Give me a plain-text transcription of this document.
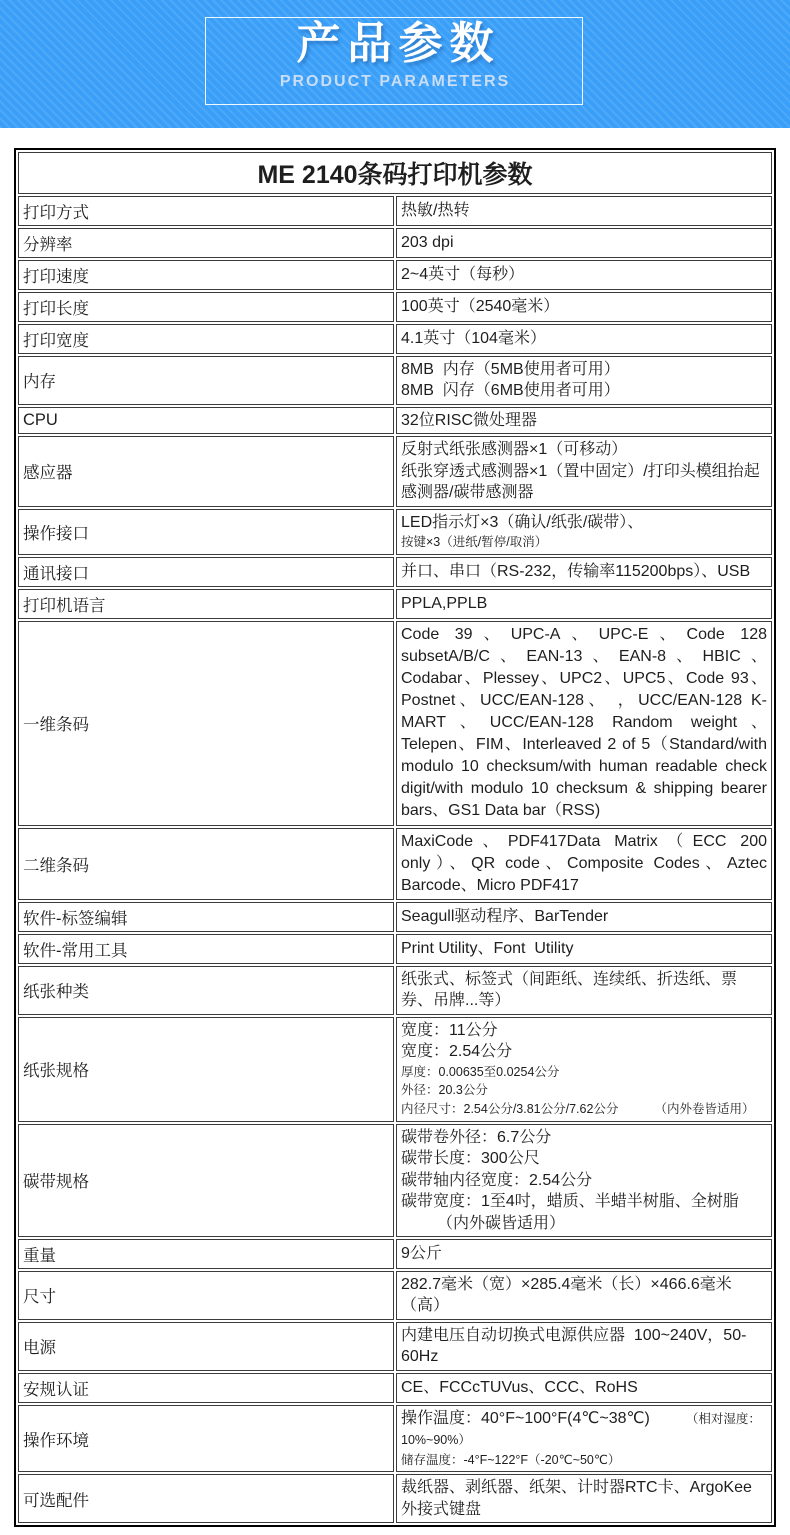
产品参数
PRODUCT PARAMETERS
ME 2140条码打印机参数	
打印方式	热敏/热转

分辨率	203 dpi

打印速度	2~4英寸（每秒）

打印长度	100英寸（2540毫米）

打印宽度	4.1英寸（104毫米）

内存	8MB  内存（5MB使用者可用）
8MB  闪存（6MB使用者可用）

CPU	32位RISC微处理器

感应器	反射式纸张感测器×1（可移动）
纸张穿透式感测器×1（置中固定）/打印头模组抬起感测器/碳带感测器

操作接口	LED指示灯×3（确认/纸张/碳带）、
按键×3（进纸/暂停/取消）

通讯接口	并口、串口（RS-232，传输率115200bps）、USB

打印机语言	PPLA,PPLB

一维条码	Code 39、UPC-A、UPC-E、Code 128 subsetA/B/C、EAN-13、EAN-8、HBIC、Codabar、Plessey、UPC2、UPC5、Code 93、Postnet、UCC/EAN-128、 ，UCC/EAN-128 K-MART、UCC/EAN-128 Random weight、Telepen、FIM、Interleaved 2 of 5（Standard/with modulo 10 checksum/with human readable check digit/with modulo 10 checksum & shipping bearer bars、GS1 Data bar（RSS)

二维条码	MaxiCode、PDF417Data Matrix（ECC 200 only）、QR code、Composite Codes、Aztec Barcode、Micro PDF417

软件-标签编辑	Seagull驱动程序、BarTender

软件-常用工具	Print Utility、Font  Utility

纸张种类	纸张式、标签式（间距纸、连续纸、折迭纸、票券、吊牌...等）

纸张规格	宽度：11公分
宽度：2.54公分
厚度：0.00635至0.0254公分
外径：20.3公分
内径尺寸：2.54公分/3.81公分/7.62公分 （内外卷皆适用）

碳带规格	碳带卷外径：6.7公分
碳带长度：300公尺
碳带轴内径宽度：2.54公分
碳带宽度：1至4吋，蜡质、半蜡半树脂、全树脂（内外碳皆适用）

重量	9公斤

尺寸	282.7毫米（宽）×285.4毫米（长）×466.6毫米（高）

电源	内建电压自动切换式电源供应器  100~240V，50-60Hz

安规认证	CE、FCCcTUVus、CCC、RoHS

操作环境	操作温度：40°F~100°F(4℃~38℃) （相对湿度：10%~90%）
储存温度：-4°F~122°F（-20℃~50℃）

可选配件	裁纸器、剥纸器、纸架、计时器RTC卡、ArgoKee  外接式键盘
